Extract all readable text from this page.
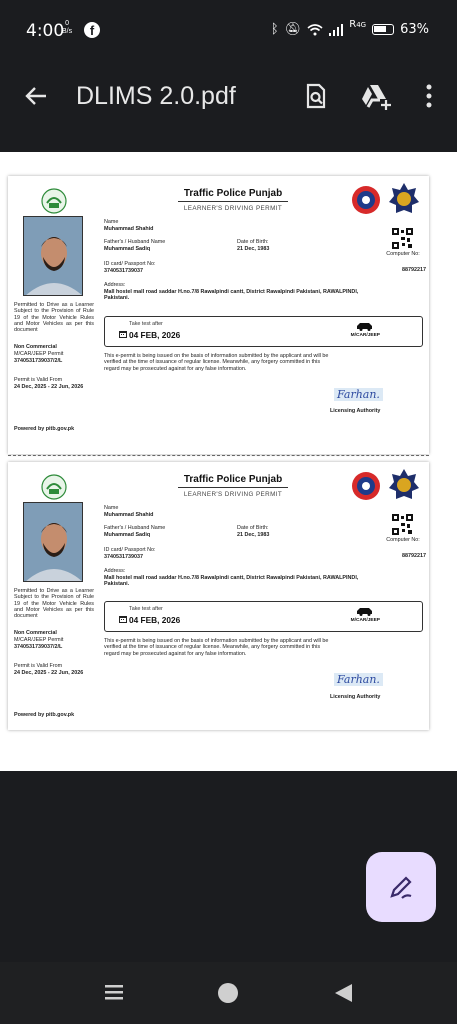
4:00 0
B/s	f	ᛒ 🔕︎	R4G	63%
DLIMS 2.0.pdf
Traffic Police Punjab
LEARNER'S DRIVING PERMIT
Permitted to Drive as a Learner Subject to the Provision of Rule 19 of the Motor Vehicle Rules and Motor Vehicles as per this document
Non Commercial
M/CAR/JEEP Permit
3740531739037/2/L
Permit is Valid From
24 Dec, 2025 - 22 Jun, 2026
Powered by pitb.gov.pk
Name
Muhammad Shahid
Father's / Husband Name
Muhammad Sadiq
Date of Birth:
21 Dec, 1983
ID card/ Passport No:
3740531739037
Computer No:
88792217
Address:
Mall hostel mall road saddar H.no.7/8 Rawalpindi cantt, District Rawalpindi Pakistani, RAWALPINDI, Pakistani.
Take test after
04 FEB, 2026	M/CAR/JEEP
This e-permit is being issued on the basis of information submitted by the applicant and will be verified at the time of issuance of regular license. Meanwhile, any forgery committed in this regard may be prosecuted against for any false information.
Farhan.
Licensing Authority
Traffic Police Punjab
LEARNER'S DRIVING PERMIT
Permitted to Drive as a Learner Subject to the Provision of Rule 19 of the Motor Vehicle Rules and Motor Vehicles as per this document
Non Commercial
M/CAR/JEEP Permit
3740531739037/2/L
Permit is Valid From
24 Dec, 2025 - 22 Jun, 2026
Powered by pitb.gov.pk
Name
Muhammad Shahid
Father's / Husband Name
Muhammad Sadiq
Date of Birth:
21 Dec, 1983
ID card/ Passport No:
3740531739037
Computer No:
88792217
Address:
Mall hostel mall road saddar H.no.7/8 Rawalpindi cantt, District Rawalpindi Pakistani, RAWALPINDI, Pakistani.
Take test after
04 FEB, 2026	M/CAR/JEEP
This e-permit is being issued on the basis of information submitted by the applicant and will be verified at the time of issuance of regular license. Meanwhile, any forgery committed in this regard may be prosecuted against for any false information.
Farhan.
Licensing Authority
